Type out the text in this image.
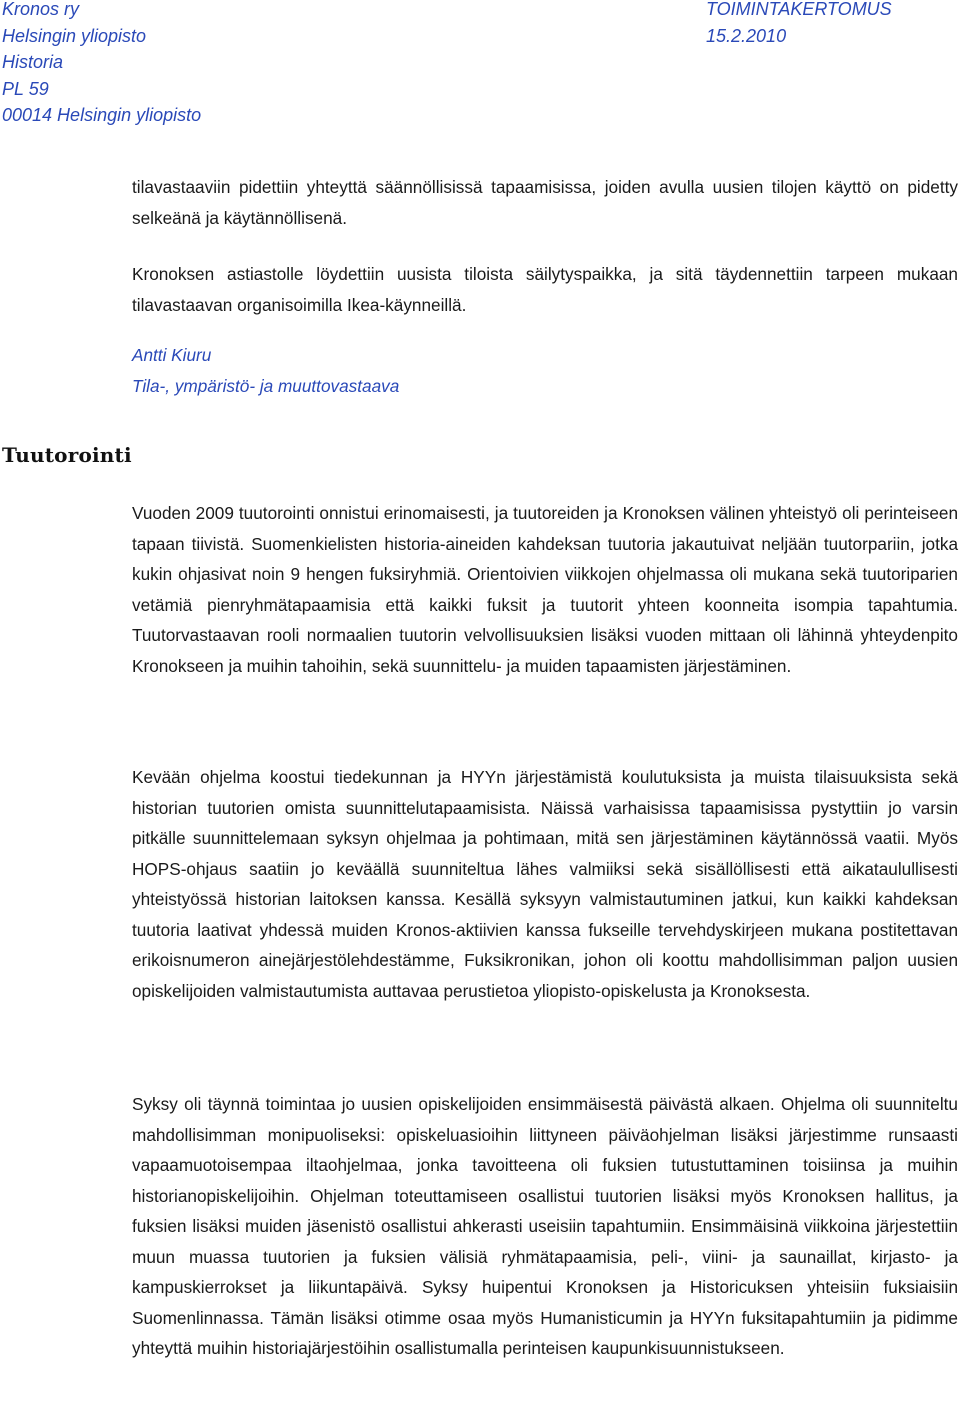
Kronos ry
Helsingin yliopisto
Historia
PL 59
00014 Helsingin yliopisto
TOIMINTAKERTOMUS
15.2.2010

tilavastaaviin pidettiin yhteyttä säännöllisissä tapaamisissa, joiden avulla uusien tilojen käyttö on pidetty selkeänä ja käytännöllisenä.

Kronoksen astiastolle löydettiin uusista tiloista säilytyspaikka, ja sitä täydennettiin tarpeen mukaan tilavastaavan organisoimilla Ikea-käynneillä.

Antti Kiuru
Tila-, ympäristö- ja muuttovastaava
Tuutorointi

Vuoden 2009 tuutorointi onnistui erinomaisesti, ja tuutoreiden ja Kronoksen välinen yhteistyö oli perinteiseen tapaan tiivistä. Suomenkielisten historia-aineiden kahdeksan tuutoria jakautuivat neljään tuutorpariin, jotka kukin ohjasivat noin 9 hengen fuksiryhmiä. Orientoivien viikkojen ohjelmassa oli mukana sekä tuutoriparien vetämiä pienryhmätapaamisia että kaikki fuksit ja tuutorit yhteen koonneita isompia tapahtumia. Tuutorvastaavan rooli normaalien tuutorin velvollisuuksien lisäksi vuoden mittaan oli lähinnä yhteydenpito Kronokseen ja muihin tahoihin, sekä suunnittelu- ja muiden tapaamisten järjestäminen.

Kevään ohjelma koostui tiedekunnan ja HYYn järjestämistä koulutuksista ja muista tilaisuuksista sekä historian tuutorien omista suunnittelutapaamisista. Näissä varhaisissa tapaamisissa pystyttiin jo varsin pitkälle suunnittelemaan syksyn ohjelmaa ja pohtimaan, mitä sen järjestäminen käytännössä vaatii. Myös HOPS-ohjaus saatiin jo keväällä suunniteltua lähes valmiiksi sekä sisällöllisesti että aikataulullisesti yhteistyössä historian laitoksen kanssa. Kesällä syksyyn valmistautuminen jatkui, kun kaikki kahdeksan tuutoria laativat yhdessä muiden Kronos-aktiivien kanssa fukseille tervehdyskirjeen mukana postitettavan erikoisnumeron ainejärjestölehdestämme, Fuksikronikan, johon oli koottu mahdollisimman paljon uusien opiskelijoiden valmistautumista auttavaa perustietoa yliopisto-opiskelusta ja Kronoksesta.

Syksy oli täynnä toimintaa jo uusien opiskelijoiden ensimmäisestä päivästä alkaen. Ohjelma oli suunniteltu mahdollisimman monipuoliseksi: opiskeluasioihin liittyneen päiväohjelman lisäksi järjestimme runsaasti vapaamuotoisempaa iltaohjelmaa, jonka tavoitteena oli fuksien tutustuttaminen toisiinsa ja muihin historianopiskelijoihin. Ohjelman toteuttamiseen osallistui tuutorien lisäksi myös Kronoksen hallitus, ja fuksien lisäksi muiden jäsenistö osallistui ahkerasti useisiin tapahtumiin. Ensimmäisinä viikkoina järjestettiin muun muassa tuutorien ja fuksien välisiä ryhmätapaamisia, peli-, viini- ja saunaillat, kirjasto- ja kampuskierrokset ja liikuntapäivä. Syksy huipentui Kronoksen ja Historicuksen yhteisiin fuksiaisiin Suomenlinnassa. Tämän lisäksi otimme osaa myös Humanisticumin ja HYYn fuksitapahtumiin ja pidimme yhteyttä muihin historiajärjestöihin osallistumalla perinteisen kaupunkisuunnistukseen.
